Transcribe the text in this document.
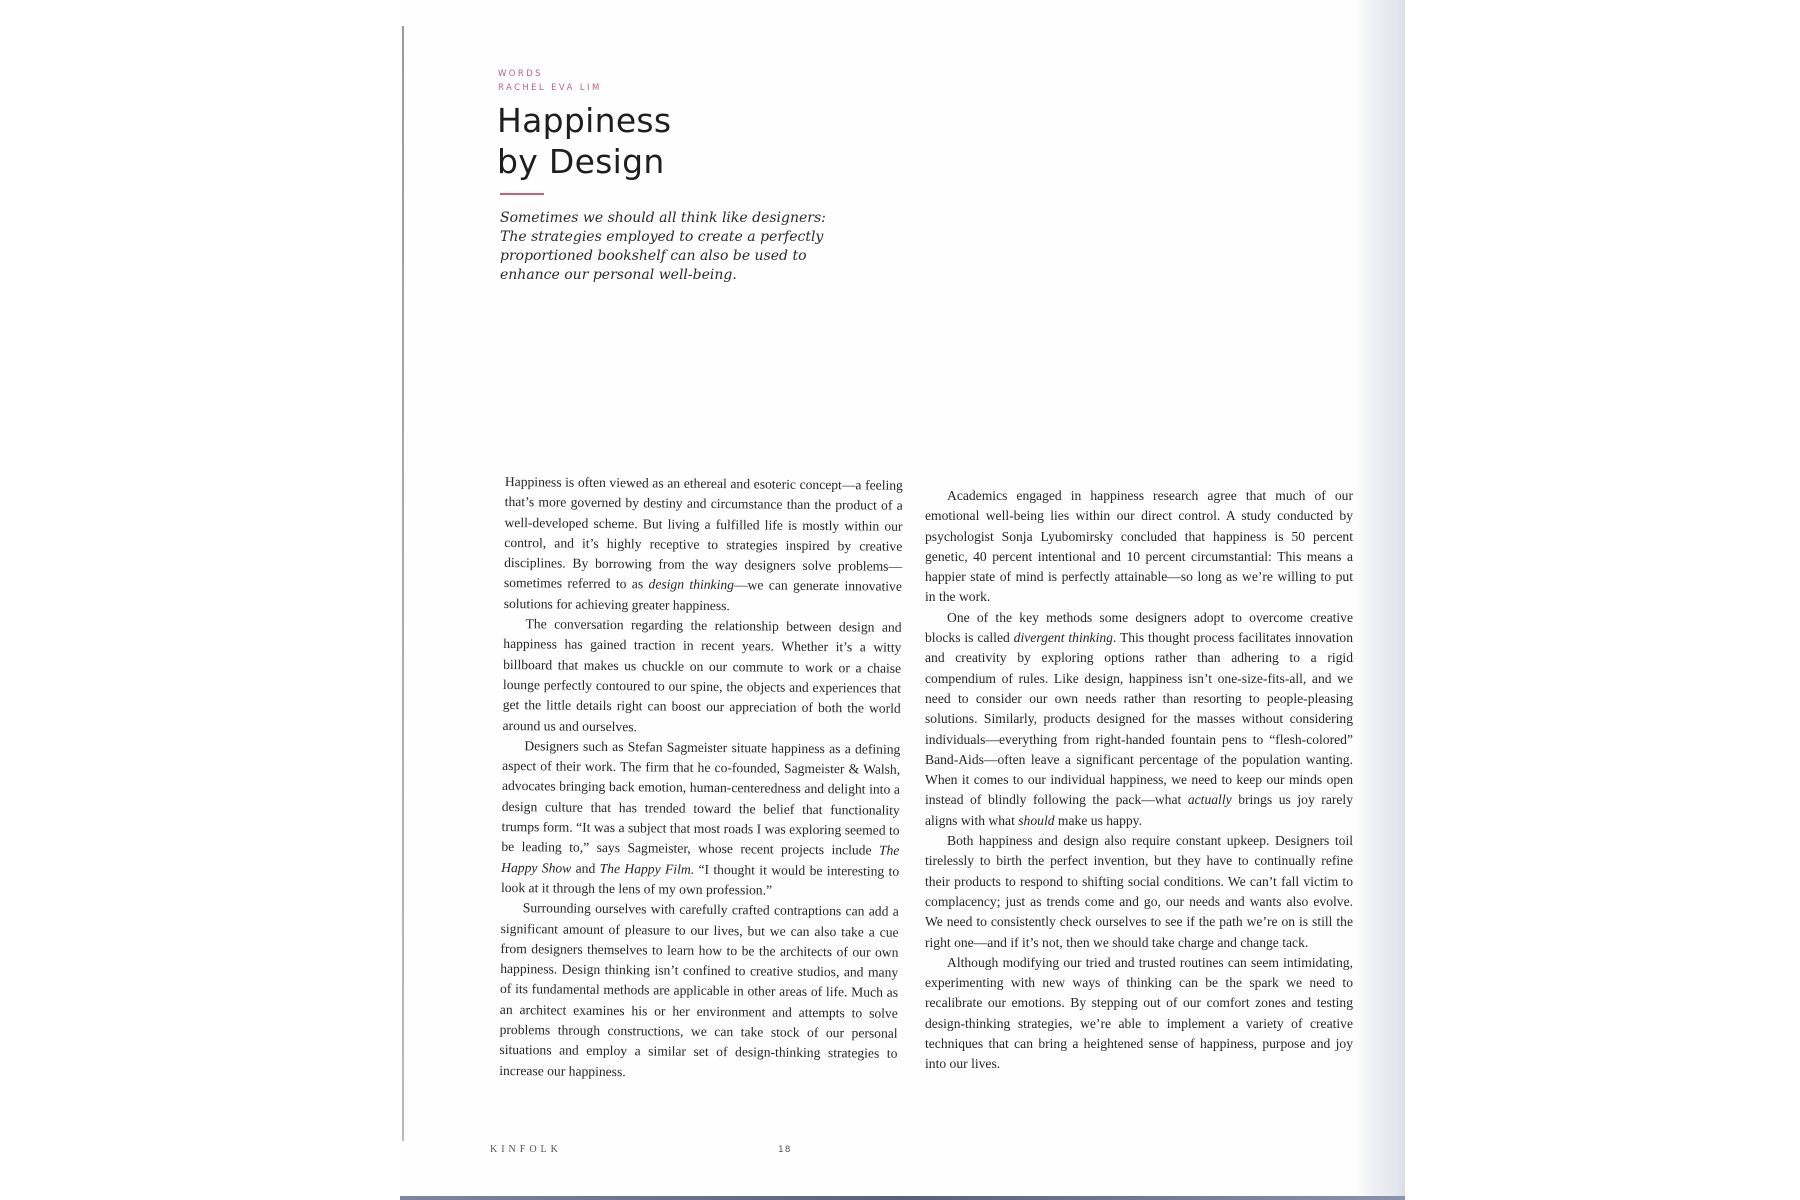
WORDS
RACHEL EVA LIM
Happiness
by Design
Sometimes we should all think like designers: The strategies employed to create a perfectly proportioned bookshelf can also be used to enhance our personal well-being.

Happiness is often viewed as an ethereal and esoteric concept—a feeling that’s more governed by destiny and circumstance than the product of a well-developed scheme. But living a fulfilled life is mostly within our control, and it’s highly receptive to strategies inspired by creative disciplines. By borrowing from the way designers solve problems—sometimes referred to as design thinking—we can generate innovative solutions for achieving greater happiness.

The conversation regarding the relationship between design and happiness has gained traction in recent years. Whether it’s a witty billboard that makes us chuckle on our commute to work or a chaise lounge perfectly contoured to our spine, the objects and experiences that get the little details right can boost our appreciation of both the world around us and ourselves.

Designers such as Stefan Sagmeister situate happiness as a defining aspect of their work. The firm that he co-founded, Sagmeister & Walsh, advocates bringing back emotion, human-centeredness and delight into a design culture that has trended toward the belief that functionality trumps form. “It was a subject that most roads I was exploring seemed to be leading to,” says Sagmeister, whose recent projects include The Happy Show and The Happy Film. “I thought it would be interesting to look at it through the lens of my own profession.”

Surrounding ourselves with carefully crafted contraptions can add a significant amount of pleasure to our lives, but we can also take a cue from designers themselves to learn how to be the architects of our own happiness. Design thinking isn’t confined to creative studios, and many of its fundamental methods are applicable in other areas of life. Much as an architect examines his or her environment and attempts to solve problems through constructions, we can take stock of our personal situations and employ a similar set of design-thinking strategies to increase our happiness.

Academics engaged in happiness research agree that much of our emotional well-being lies within our direct control. A study conducted by psychologist Sonja Lyubomirsky concluded that happiness is 50 percent genetic, 40 percent intentional and 10 percent circumstantial: This means a happier state of mind is perfectly attainable—so long as we’re willing to put in the work.

One of the key methods some designers adopt to overcome creative blocks is called divergent thinking. This thought process facilitates innovation and creativity by exploring options rather than adhering to a rigid compendium of rules. Like design, happiness isn’t one-size-fits-all, and we need to consider our own needs rather than resorting to people-pleasing solutions. Similarly, products designed for the masses without considering individuals—everything from right-handed fountain pens to “flesh-colored” Band-Aids—often leave a significant percentage of the population wanting. When it comes to our individual happiness, we need to keep our minds open instead of blindly following the pack—what actually brings us joy rarely aligns with what should make us happy.

Both happiness and design also require constant upkeep. Designers toil tirelessly to birth the perfect invention, but they have to continually refine their products to respond to shifting social conditions. We can’t fall victim to complacency; just as trends come and go, our needs and wants also evolve. We need to consistently check ourselves to see if the path we’re on is still the right one—and if it’s not, then we should take charge and change tack.

Although modifying our tried and trusted routines can seem intimidating, experimenting with new ways of thinking can be the spark we need to recalibrate our emotions. By stepping out of our comfort zones and testing design-thinking strategies, we’re able to implement a variety of creative techniques that can bring a heightened sense of happiness, purpose and joy into our lives.

KINFOLK	18
